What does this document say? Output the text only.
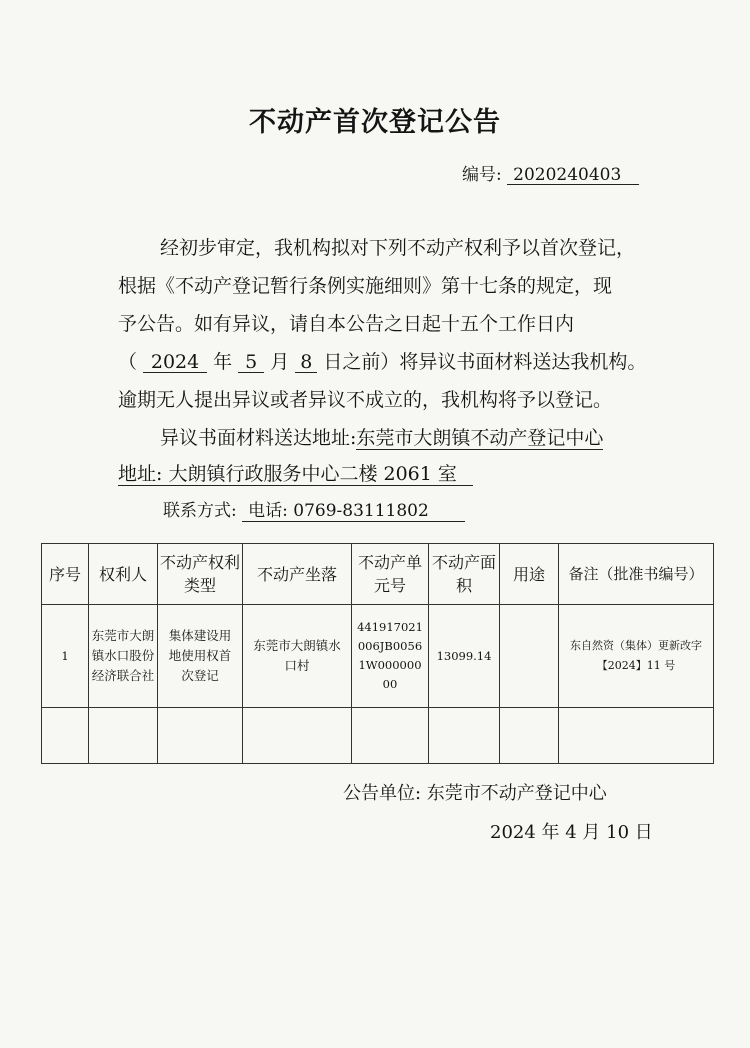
不动产首次登记公告
编号: 2020240403
经初步审定，我机构拟对下列不动产权利予以首次登记，
根据《不动产登记暂行条例实施细则》第十七条的规定，现
予公告。如有异议，请自本公告之日起十五个工作日内
（ 2024 年 5 月 8 日之前）将异议书面材料送达我机构。
逾期无人提出异议或者异议不成立的，我机构将予以登记。
异议书面材料送达地址:东莞市大朗镇不动产登记中心
地址: 大朗镇行政服务中心二楼 2061 室
联系方式: 电话: 0769-83111802
序号	权利人	不动产权利类型	不动产坐落	不动产单元号	不动产面积	用途	备注（批准书编号）
1	东莞市大朗镇水口股份经济联合社	集体建设用地使用权首次登记	东莞市大朗镇水口村	441917021006JB00561W00000000	13099.14		东自然资（集体）更新改字【2024】11 号

公告单位: 东莞市不动产登记中心
2024 年 4 月 10 日
